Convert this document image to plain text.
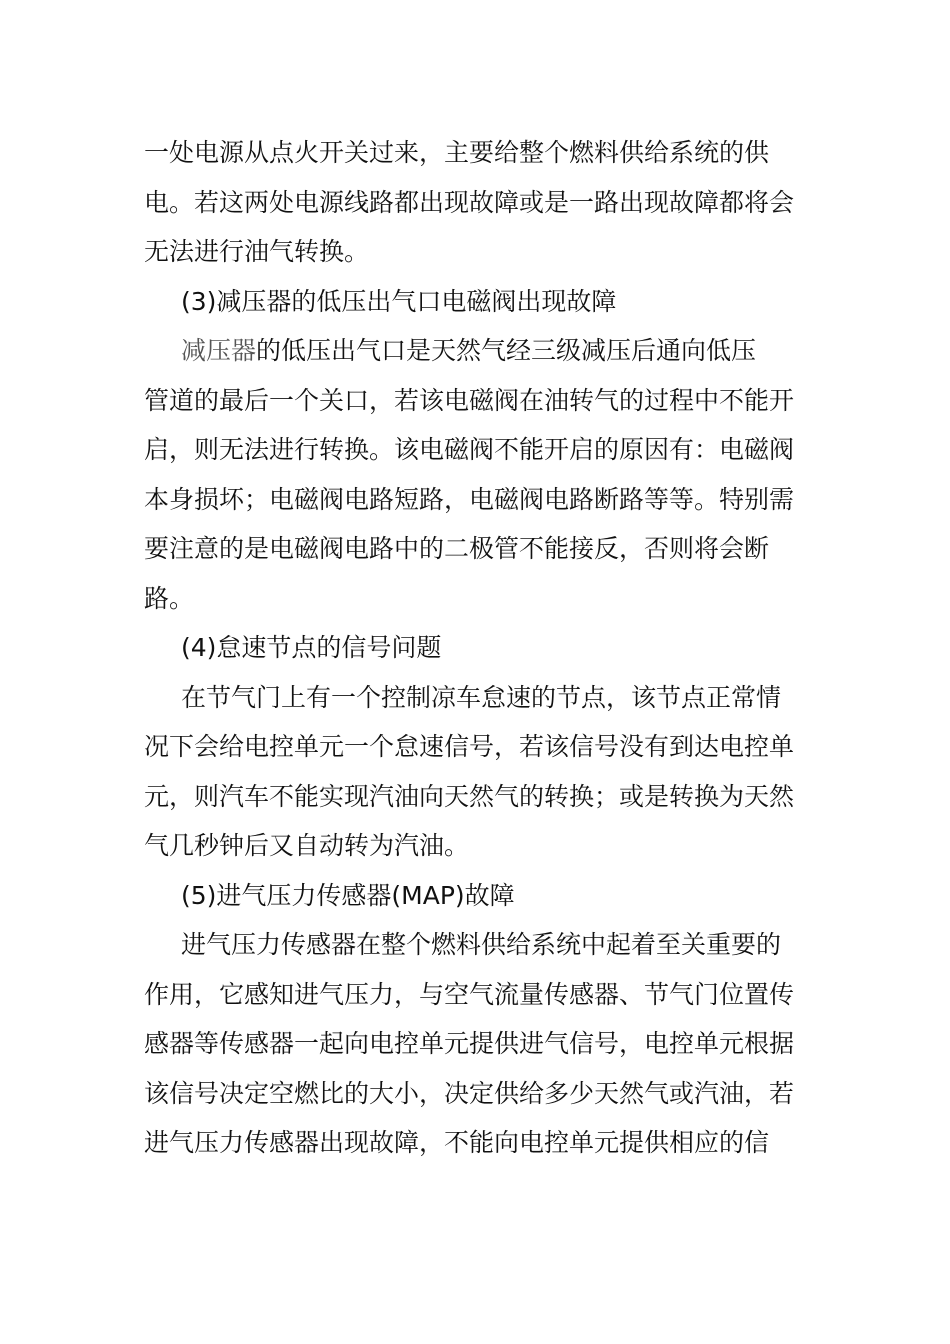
一处电源从点火开关过来，主要给整个燃料供给系统的供
电。若这两处电源线路都出现故障或是一路出现故障都将会
无法进行油气转换。
(3)减压器的低压出气口电磁阀出现故障
减压器的低压出气口是天然气经三级减压后通向低压
管道的最后一个关口，若该电磁阀在油转气的过程中不能开
启，则无法进行转换。该电磁阀不能开启的原因有：电磁阀
本身损坏；电磁阀电路短路，电磁阀电路断路等等。特别需
要注意的是电磁阀电路中的二极管不能接反，否则将会断
路。
(4)怠速节点的信号问题
在节气门上有一个控制凉车怠速的节点，该节点正常情
况下会给电控单元一个怠速信号，若该信号没有到达电控单
元，则汽车不能实现汽油向天然气的转换；或是转换为天然
气几秒钟后又自动转为汽油。
(5)进气压力传感器(MAP)故障
进气压力传感器在整个燃料供给系统中起着至关重要的
作用，它感知进气压力，与空气流量传感器、节气门位置传
感器等传感器一起向电控单元提供进气信号，电控单元根据
该信号决定空燃比的大小，决定供给多少天然气或汽油，若
进气压力传感器出现故障，不能向电控单元提供相应的信
